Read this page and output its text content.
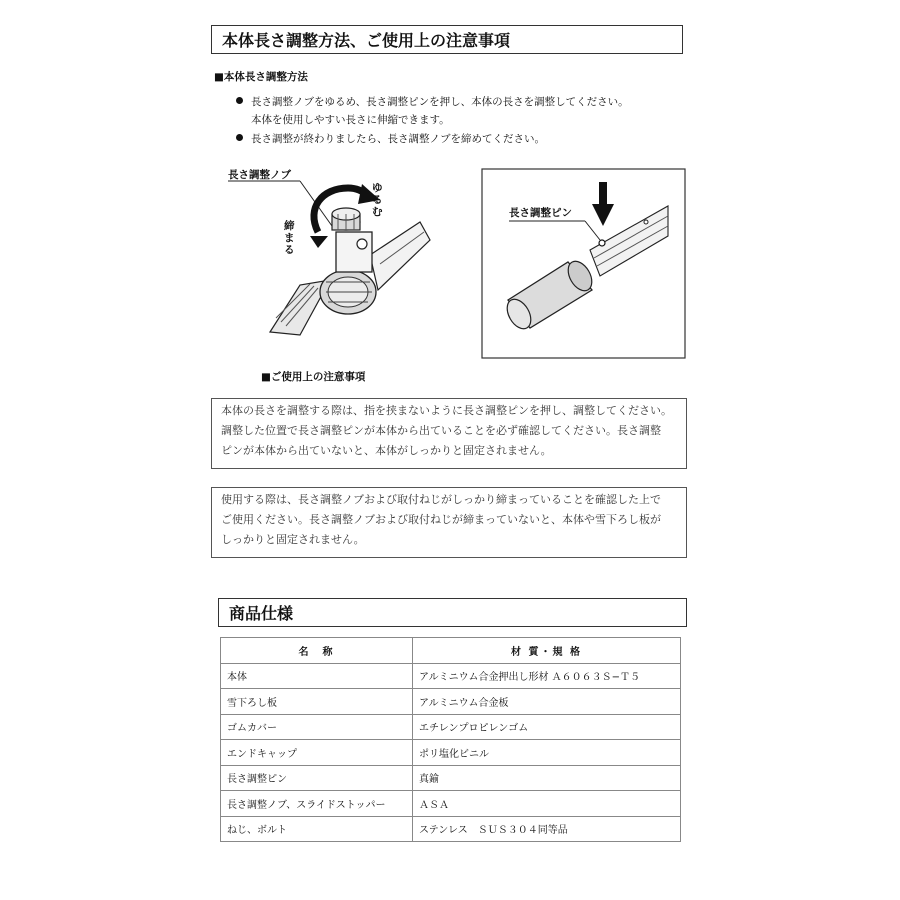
本体長さ調整方法、ご使用上の注意事項
■本体長さ調整方法
長さ調整ノブをゆるめ、長さ調整ピンを押し、本体の長さを調整してください。
本体を使用しやすい長さに伸縮できます。
長さ調整が終わりましたら、長さ調整ノブを締めてください。
長さ調整ノブ
ゆるむ
締まる
長さ調整ピン
■ご使用上の注意事項
本体の長さを調整する際は、指を挟まないように長さ調整ピンを押し、調整してください。
調整した位置で長さ調整ピンが本体から出ていることを必ず確認してください。長さ調整
ピンが本体から出ていないと、本体がしっかりと固定されません。
使用する際は、長さ調整ノブおよび取付ねじがしっかり締まっていることを確認した上で
ご使用ください。長さ調整ノブおよび取付ねじが締まっていないと、本体や雪下ろし板が
しっかりと固定されません。
商品仕様
名　称	材 質・規 格
本体	アルミニウム合金押出し形材 Ａ６０６３Ｓ−Ｔ５
雪下ろし板	アルミニウム合金板
ゴムカバー	エチレンプロピレンゴム
エンドキャップ	ポリ塩化ビニル
長さ調整ピン	真鍮
長さ調整ノブ、スライドストッパー	ＡＳＡ
ねじ、ボルト	ステンレス　ＳＵＳ３０４同等品
